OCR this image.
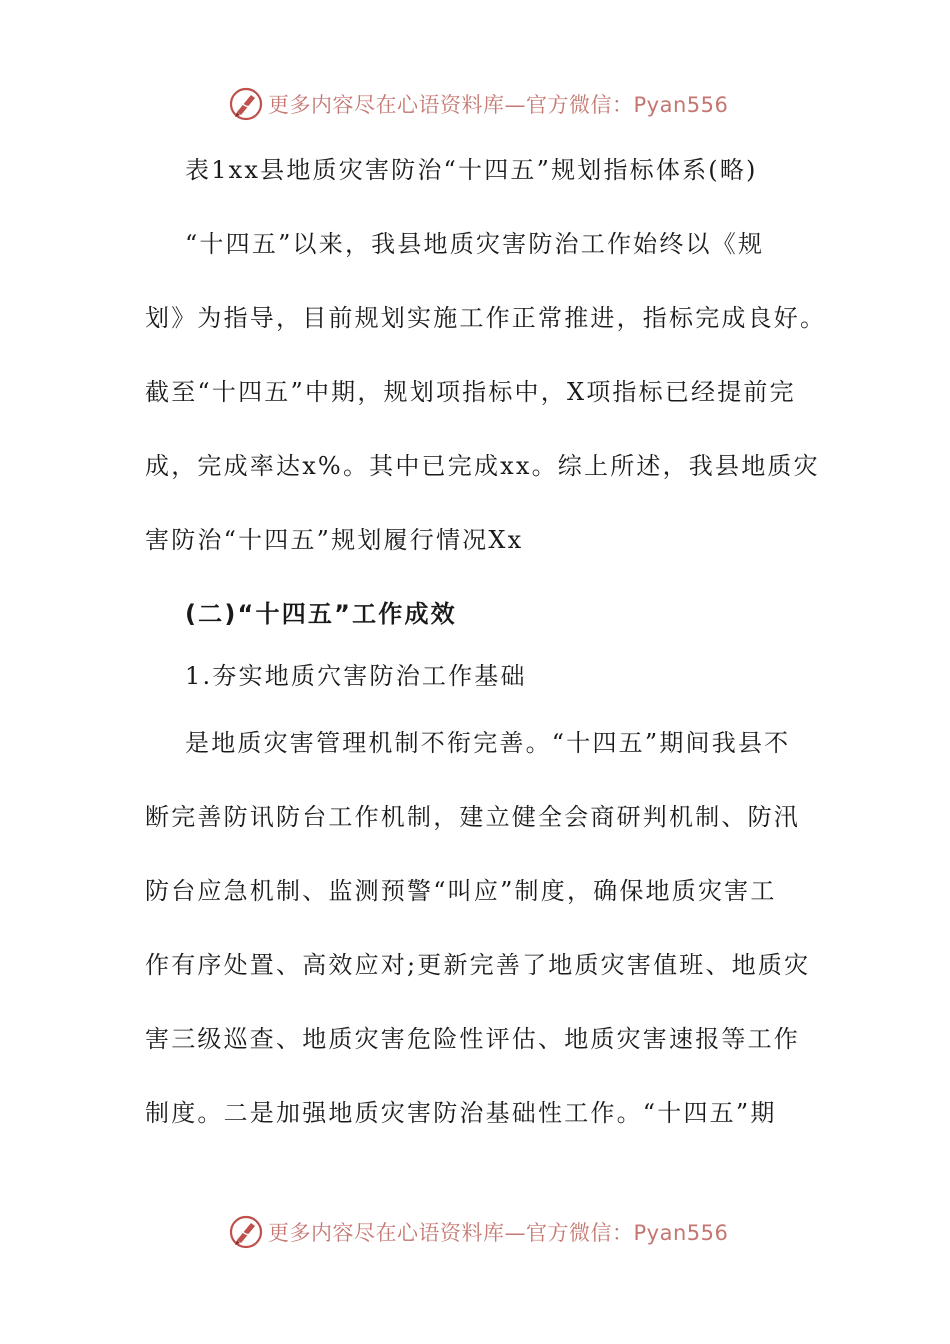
更多内容尽在心语资料库—官方微信：Pyan556
表1xx县地质灾害防治“十四五”规划指标体系(略)
“十四五”以来，我县地质灾害防治工作始终以《规
划》为指导，目前规划实施工作正常推进，指标完成良好。
截至“十四五”中期，规划项指标中，X项指标已经提前完
成，完成率达x%。其中已完成xx。综上所述，我县地质灾
害防治“十四五”规划履行情况Xx
(二)“十四五”工作成效
1.夯实地质穴害防治工作基础
是地质灾害管理机制不衔完善。“十四五”期间我县不
断完善防讯防台工作机制，建立健全会商研判机制、防汛
防台应急机制、监测预警“叫应”制度，确保地质灾害工
作有序处置、高效应对;更新完善了地质灾害值班、地质灾
害三级巡查、地质灾害危险性评估、地质灾害速报等工作
制度。二是加强地质灾害防治基础性工作。“十四五”期
更多内容尽在心语资料库—官方微信：Pyan556
